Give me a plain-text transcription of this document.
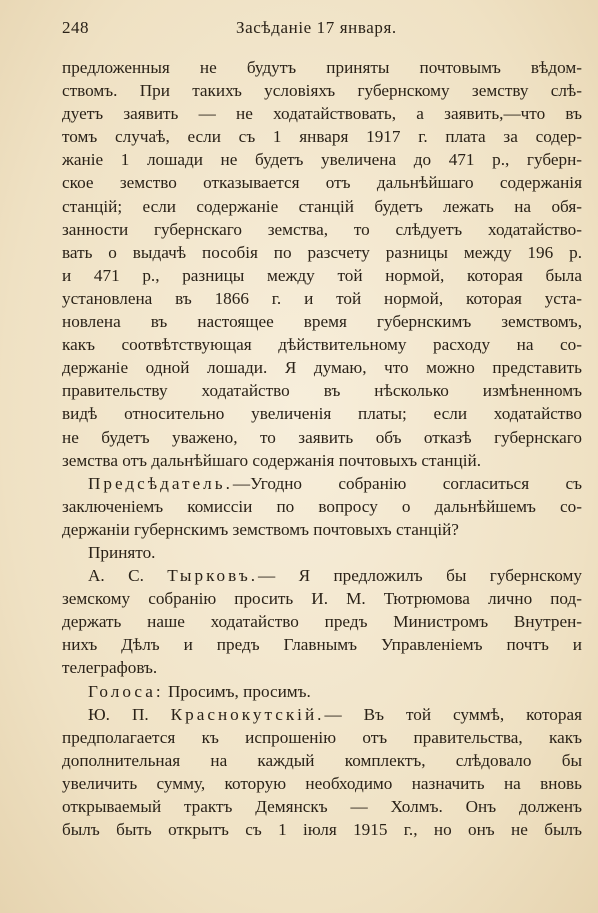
248	Засѣданіе 17 января.
предложенныя не будутъ приняты почтовымъ вѣдом-
ствомъ. При такихъ условіяхъ губернскому земству слѣ-
дуетъ заявить — не ходатайствовать, а заявить,—что въ
томъ случаѣ, если съ 1 января 1917 г. плата за содер-
жаніе 1 лошади не будетъ увеличена до 471 р., губерн-
ское земство отказывается отъ дальнѣйшаго содержанія
станцій; если содержаніе станцій будетъ лежать на обя-
занности губернскаго земства, то слѣдуетъ ходатайство-
вать о выдачѣ пособія по разсчету разницы между 196 р.
и 471 р., разницы между той нормой, которая была
установлена въ 1866 г. и той нормой, которая уста-
новлена въ настоящее время губернскимъ земствомъ,
какъ соотвѣтствующая дѣйствительному расходу на со-
держаніе одной лошади. Я думаю, что можно представить
правительству ходатайство въ нѣсколько измѣненномъ
видѣ относительно увеличенія платы; если ходатайство
не будетъ уважено, то заявить объ отказѣ губернскаго
земства отъ дальнѣйшаго содержанія почтовыхъ станцій.
Предсѣдатель.—Угодно собранію согласиться съ
заключеніемъ комиссіи по вопросу о дальнѣйшемъ со-
держаніи губернскимъ земствомъ почтовыхъ станцій?
Принято.
А. С. Тырковъ.— Я предложилъ бы губернскому
земскому собранію просить И. М. Тютрюмова лично под-
держать наше ходатайство предъ Министромъ Внутрен-
нихъ Дѣлъ и предъ Главнымъ Управленіемъ почтъ и
телеграфовъ.
Голоса: Просимъ, просимъ.
Ю. П. Краснокутскій.— Въ той суммѣ, которая
предполагается къ испрошенію отъ правительства, какъ
дополнительная на каждый комплектъ, слѣдовало бы
увеличить сумму, которую необходимо назначить на вновь
открываемый трактъ Демянскъ — Холмъ. Онъ долженъ
былъ быть открытъ съ 1 іюля 1915 г., но онъ не былъ
